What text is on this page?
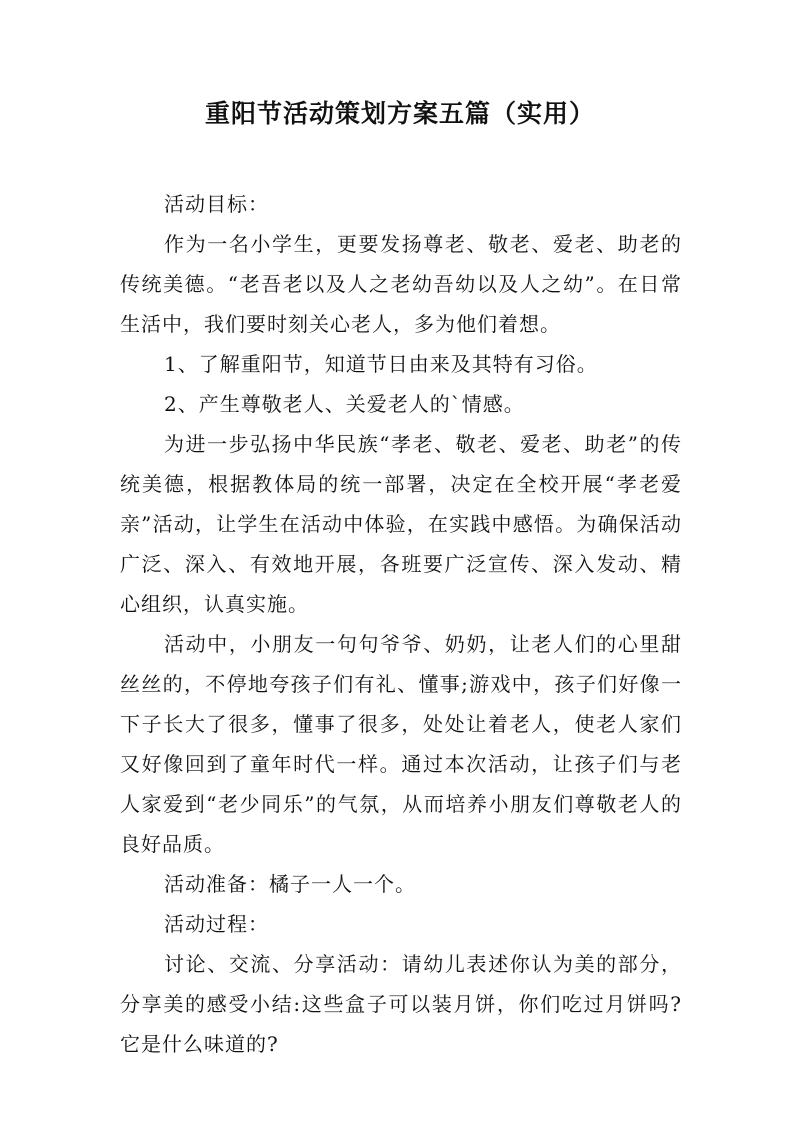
重阳节活动策划方案五篇（实用）

活动目标：

作为一名小学生，更要发扬尊老、敬老、爱老、助老的传统美德。“老吾老以及人之老幼吾幼以及人之幼”。在日常生活中，我们要时刻关心老人，多为他们着想。

1、了解重阳节，知道节日由来及其特有习俗。

2、产生尊敬老人、关爱老人的`情感。

为进一步弘扬中华民族“孝老、敬老、爱老、助老”的传统美德，根据教体局的统一部署，决定在全校开展“孝老爱亲”活动，让学生在活动中体验，在实践中感悟。为确保活动广泛、深入、有效地开展，各班要广泛宣传、深入发动、精心组织，认真实施。

活动中，小朋友一句句爷爷、奶奶，让老人们的心里甜丝丝的，不停地夸孩子们有礼、懂事;游戏中，孩子们好像一下子长大了很多，懂事了很多，处处让着老人，使老人家们又好像回到了童年时代一样。通过本次活动，让孩子们与老人家爱到“老少同乐”的气氛，从而培养小朋友们尊敬老人的良好品质。

活动准备：橘子一人一个。

活动过程：

讨论、交流、分享活动：请幼儿表述你认为美的部分，分享美的感受小结:这些盒子可以装月饼，你们吃过月饼吗?它是什么味道的?
